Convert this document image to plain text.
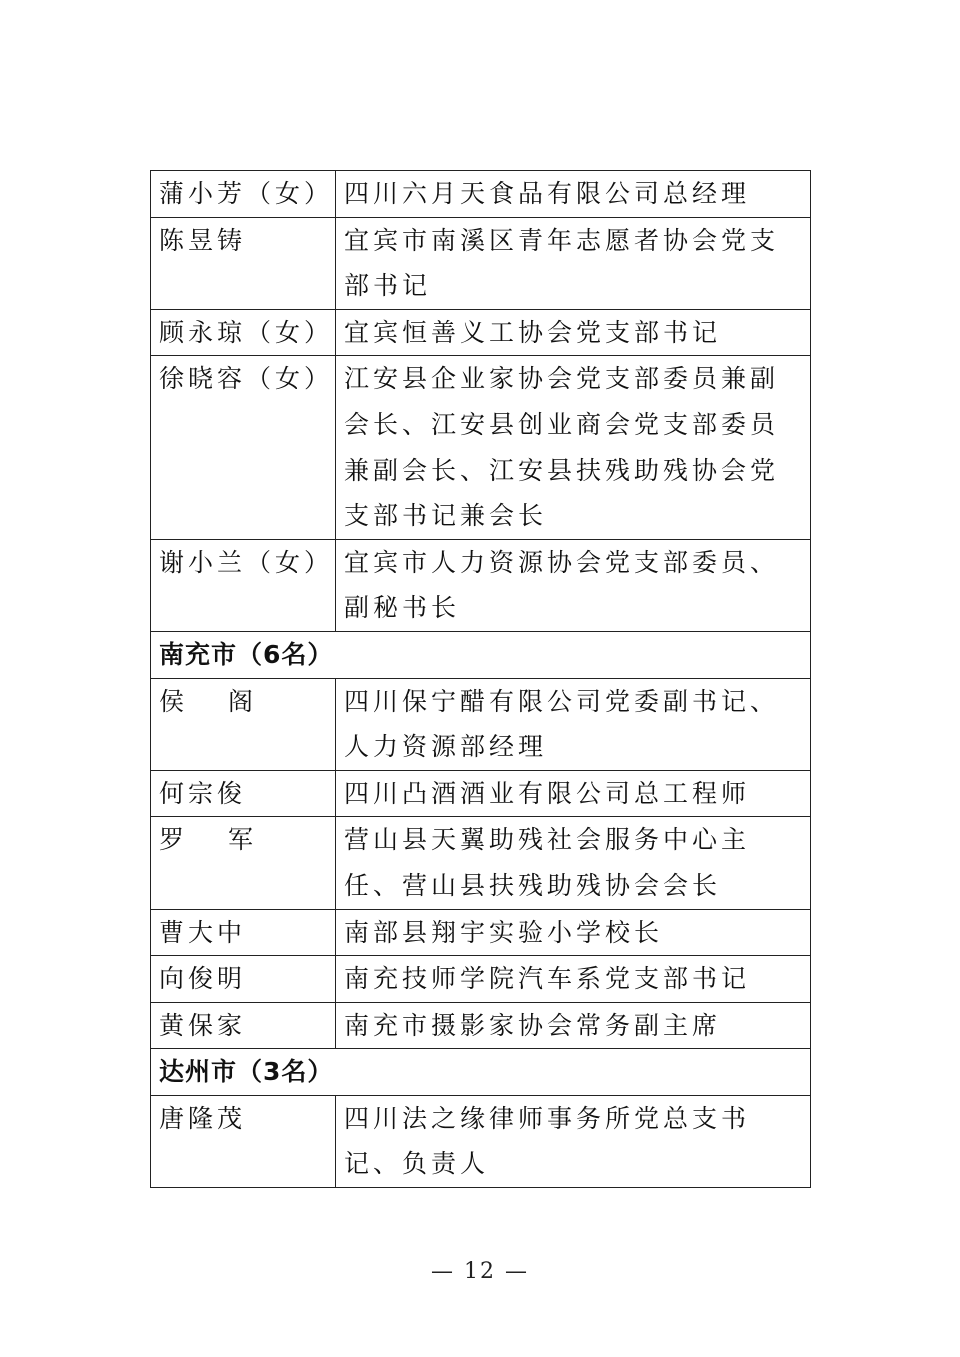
蒲小芳（女）	四川六月天食品有限公司总经理
陈昱铸	宜宾市南溪区青年志愿者协会党支部书记
顾永琼（女）	宜宾恒善义工协会党支部书记
徐晓容（女）	江安县企业家协会党支部委员兼副会长、江安县创业商会党支部委员兼副会长、江安县扶残助残协会党支部书记兼会长
谢小兰（女）	宜宾市人力资源协会党支部委员、副秘书长
南充市（6名）	
侯 阁	四川保宁醋有限公司党委副书记、人力资源部经理
何宗俊	四川凸酒酒业有限公司总工程师
罗 军	营山县天翼助残社会服务中心主任、营山县扶残助残协会会长
曹大中	南部县翔宇实验小学校长
向俊明	南充技师学院汽车系党支部书记
黄保家	南充市摄影家协会常务副主席
达州市（3名）	
唐隆茂	四川法之缘律师事务所党总支书记、负责人
— 12 —
